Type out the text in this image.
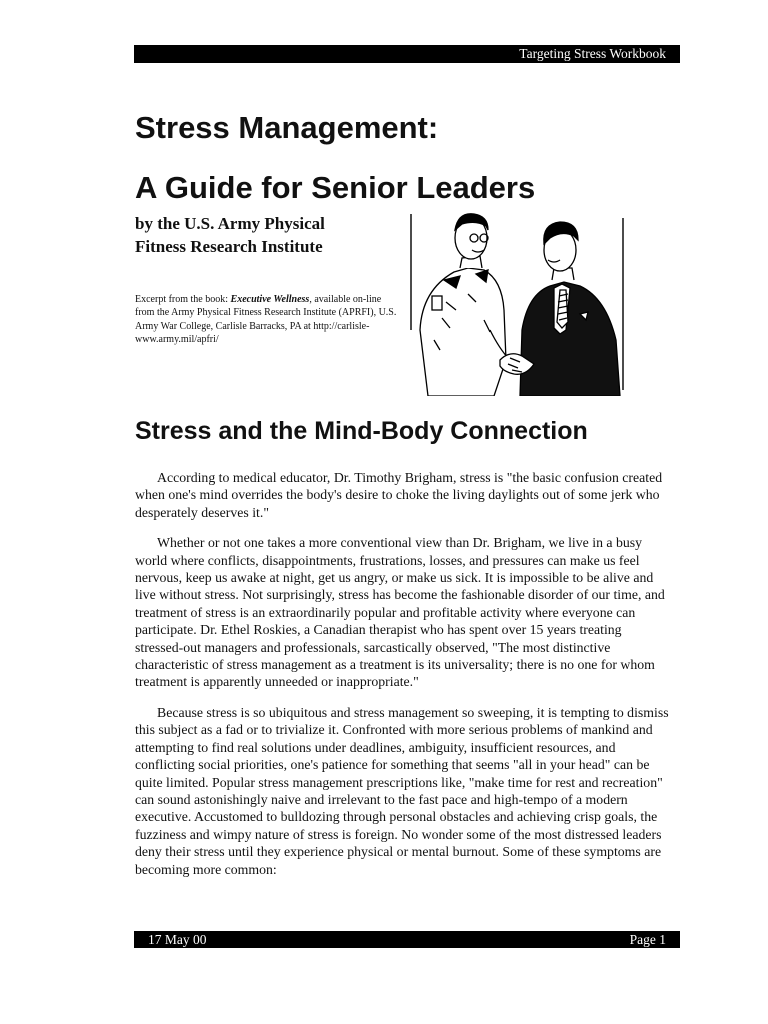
Targeting Stress Workbook
Stress Management:
A Guide for Senior Leaders
by the U.S. Army Physical
Fitness Research Institute
Excerpt from the book: Executive Wellness, available on-line from the Army Physical Fitness Research Institute (APRFI), U.S. Army War College, Carlisle Barracks, PA at http://carlisle-www.army.mil/apfri/
Stress and the Mind-Body Connection

According to medical educator, Dr. Timothy Brigham, stress is "the basic confusion created when one's mind overrides the body's desire to choke the living daylights out of some jerk who desperately deserves it."

Whether or not one takes a more conventional view than Dr. Brigham, we live in a busy world where conflicts, disappointments, frustrations, losses, and pressures can make us feel nervous, keep us awake at night, get us angry, or make us sick. It is impossible to be alive and live without stress. Not surprisingly, stress has become the fashionable disorder of our time, and treatment of stress is an extraordinarily popular and profitable activity where everyone can participate. Dr. Ethel Roskies, a Canadian therapist who has spent over 15 years treating stressed-out managers and professionals, sarcastically observed, "The most distinctive characteristic of stress management as a treatment is its universality; there is no one for whom treatment is apparently unneeded or inappropriate."

Because stress is so ubiquitous and stress management so sweeping, it is tempting to dismiss this subject as a fad or to trivialize it. Confronted with more serious problems of mankind and attempting to find real solutions under deadlines, ambiguity, insufficient resources, and conflicting social priorities, one's patience for something that seems "all in your head" can be quite limited. Popular stress management prescriptions like, "make time for rest and recreation" can sound astonishingly naive and irrelevant to the fast pace and high-tempo of a modern executive. Accustomed to bulldozing through personal obstacles and achieving crisp goals, the fuzziness and wimpy nature of stress is foreign. No wonder some of the most distressed leaders deny their stress until they experience physical or mental burnout. Some of these symptoms are becoming more common:

17 May 00	Page 1
